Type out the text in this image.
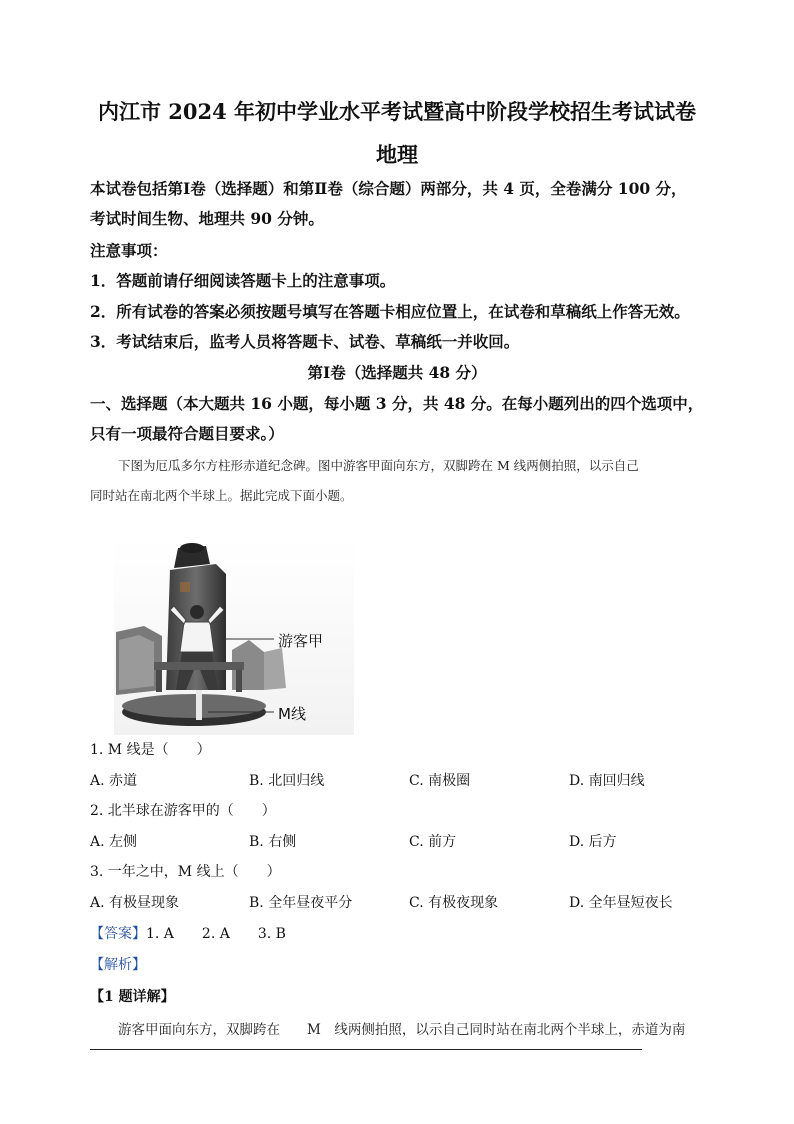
内江市 2024 年初中学业水平考试暨高中阶段学校招生考试试卷
地理
本试卷包括第Ⅰ卷（选择题）和第Ⅱ卷（综合题）两部分，共 4 页，全卷满分 100 分，
考试时间生物、地理共 90 分钟。
注意事项：
1．答题前请仔细阅读答题卡上的注意事项。
2．所有试卷的答案必须按题号填写在答题卡相应位置上，在试卷和草稿纸上作答无效。
3．考试结束后，监考人员将答题卡、试卷、草稿纸一并收回。
第Ⅰ卷（选择题共 48 分）
一、选择题（本大题共 16 小题，每小题 3 分，共 48 分。在每小题列出的四个选项中，
只有一项最符合题目要求。）
下图为厄瓜多尔方柱形赤道纪念碑。图中游客甲面向东方，双脚跨在 M 线两侧拍照，以示自己
同时站在南北两个半球上。据此完成下面小题。
游客甲
M线
1. M 线是（　　）
A. 赤道	B. 北回归线	C. 南极圈	D. 南回归线
2. 北半球在游客甲的（　　）
A. 左侧	B. 右侧	C. 前方	D. 后方
3. 一年之中，M 线上（　　）
A. 有极昼现象	B. 全年昼夜平分	C. 有极夜现象	D. 全年昼短夜长
【答案】1. A　　2. A　　3. B
【解析】
【1 题详解】
游客甲面向东方，双脚跨在　　M　线两侧拍照，以示自己同时站在南北两个半球上，赤道为南
